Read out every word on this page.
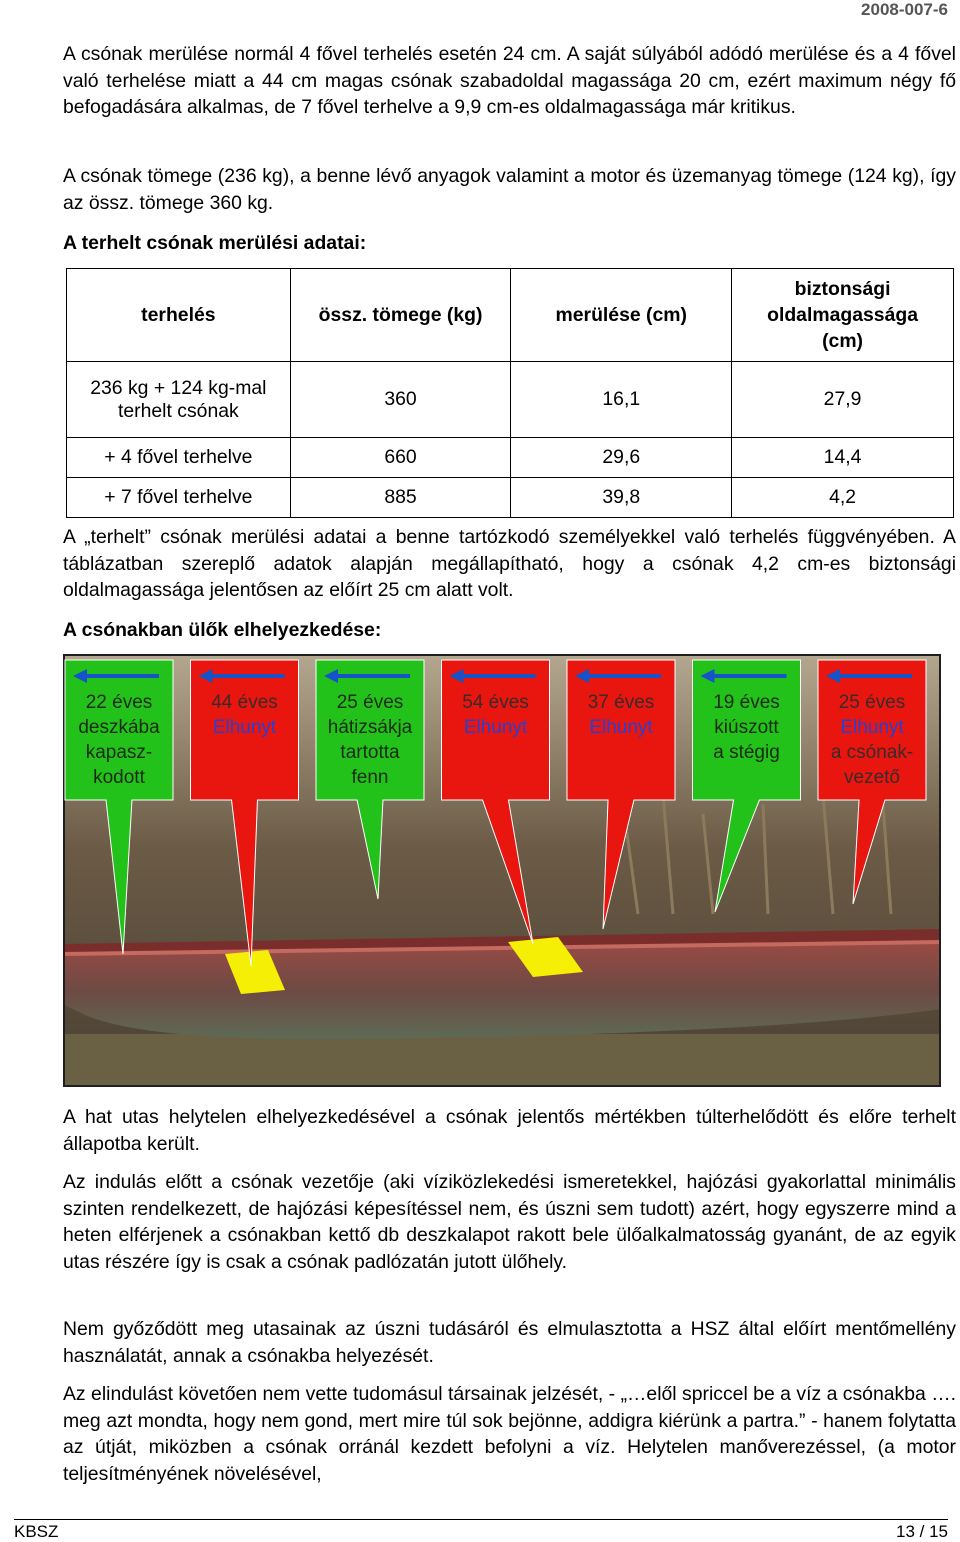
2008-007-6

A csónak merülése normál 4 fővel terhelés esetén 24 cm. A saját súlyából adódó merülése és a 4 fővel való terhelése miatt a 44 cm magas csónak szabadoldal magassága 20 cm, ezért maximum négy fő befogadására alkalmas, de 7 fővel terhelve a 9,9 cm-es oldalmagassága már kritikus.

A csónak tömege (236 kg), a benne lévő anyagok valamint a motor és üzemanyag tömege (124 kg), így az össz. tömege 360 kg.

A terhelt csónak merülési adatai:

terhelés	össz. tömege (kg)	merülése (cm)	biztonsági
oldalmagassága
(cm)
236 kg + 124 kg-mal
terhelt csónak	360	16,1	27,9
+ 4 fővel terhelve	660	29,6	14,4
+ 7 fővel terhelve	885	39,8	4,2

A „terhelt” csónak merülési adatai a benne tartózkodó személyekkel való terhelés függvényében. A táblázatban szereplő adatok alapján megállapítható, hogy a csónak 4,2 cm-es biztonsági oldalmagassága jelentősen az előírt 25 cm alatt volt.

A csónakban ülők elhelyezkedése:

22 éves
deszkába
kapasz-
kodott
44 éves
Elhunyt
25 éves
hátizsákja
tartotta
fenn
54 éves
Elhunyt
37 éves
Elhunyt
19 éves
kiúszott
a stégig
25 éves
Elhunyt
a csónak-
vezető

A hat utas helytelen elhelyezkedésével a csónak jelentős mértékben túlterhelődött és előre terhelt állapotba került.

Az indulás előtt a csónak vezetője (aki víziközlekedési ismeretekkel, hajózási gyakorlattal minimális szinten rendelkezett, de hajózási képesítéssel nem, és úszni sem tudott) azért, hogy egyszerre mind a heten elférjenek a csónakban kettő db deszkalapot rakott bele ülőalkalmatosság gyanánt, de az egyik utas részére így is csak a csónak padlózatán jutott ülőhely.

Nem győződött meg utasainak az úszni tudásáról és elmulasztotta a HSZ által előírt mentőmellény használatát, annak a csónakba helyezését.

Az elindulást követően nem vette tudomásul társainak jelzését, - „…elől spriccel be a víz a csónakba …. meg azt mondta, hogy nem gond, mert mire túl sok bejönne, addigra kiérünk a partra.” - hanem folytatta az útját, miközben a csónak orránál kezdett befolyni a víz. Helytelen manőverezéssel, (a motor teljesítményének növelésével,

KBSZ	13 / 15
